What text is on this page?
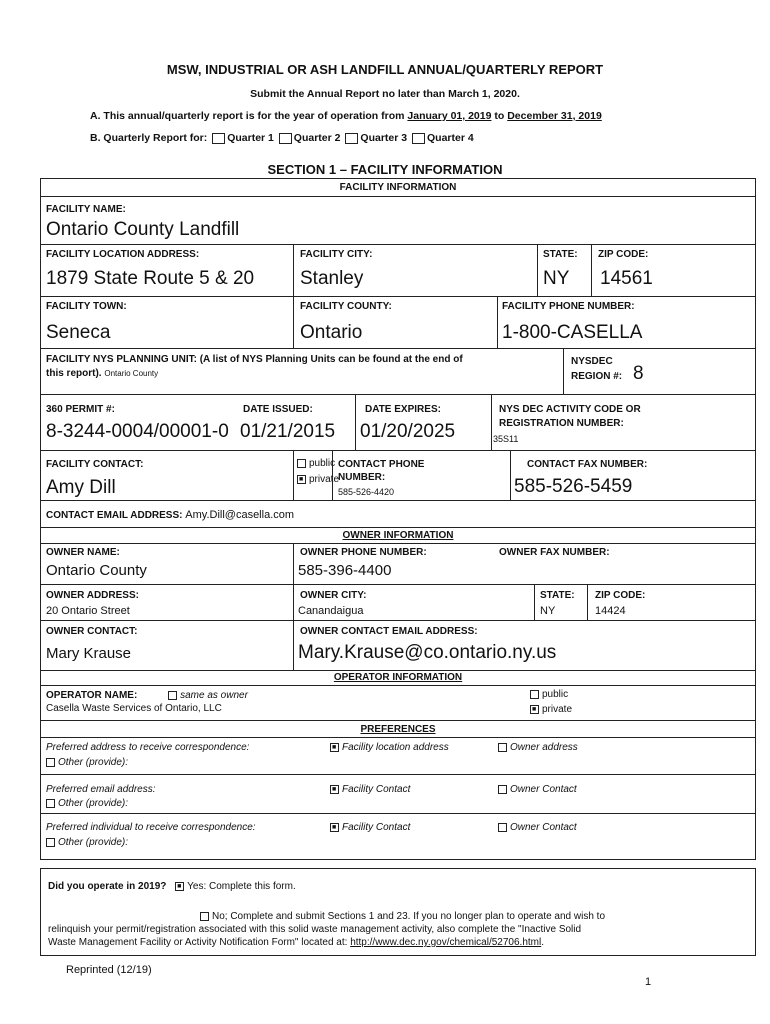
MSW, INDUSTRIAL OR ASH LANDFILL ANNUAL/QUARTERLY REPORT
Submit the Annual Report no later than March 1, 2020.
A. This annual/quarterly report is for the year of operation from January 01, 2019 to December 31, 2019
B. Quarterly Report for: Quarter 1 Quarter 2 Quarter 3 Quarter 4
SECTION 1 – FACILITY INFORMATION
FACILITY INFORMATION
FACILITY NAME:
Ontario County Landfill
FACILITY LOCATION ADDRESS:
1879 State Route 5 & 20
FACILITY CITY:
Stanley
STATE:
NY
ZIP CODE:
14561
FACILITY TOWN:
Seneca
FACILITY COUNTY:
Ontario
FACILITY PHONE NUMBER:
1-800-CASELLA
FACILITY NYS PLANNING UNIT: (A list of NYS Planning Units can be found at the end of
this report). Ontario County
NYSDEC
REGION #: 8
360 PERMIT #:
8-3244-0004/00001-0
DATE ISSUED:
01/21/2015
DATE EXPIRES:
01/20/2025
NYS DEC ACTIVITY CODE OR
REGISTRATION NUMBER:
35S11
FACILITY CONTACT:
Amy Dill
public
■private
CONTACT PHONE
NUMBER:
585-526-4420
CONTACT FAX NUMBER:
585-526-5459
CONTACT EMAIL ADDRESS: Amy.Dill@casella.com
OWNER INFORMATION
OWNER NAME:
Ontario County
OWNER PHONE NUMBER:
585-396-4400
OWNER FAX NUMBER:
OWNER ADDRESS:
20 Ontario Street
OWNER CITY:
Canandaigua
STATE:
NY
ZIP CODE:
14424
OWNER CONTACT:
Mary Krause
OWNER CONTACT EMAIL ADDRESS:
Mary.Krause@co.ontario.ny.us
OPERATOR INFORMATION
OPERATOR NAME:	same as owner
Casella Waste Services of Ontario, LLC
public
■private
PREFERENCES
Preferred address to receive correspondence: ■	Facility location address	Owner address
Other (provide):
Preferred email address: ■	Facility Contact	Owner Contact
Other (provide):
Preferred individual to receive correspondence: ■	Facility Contact	Owner Contact
Other (provide):
Did you operate in 2019? ■ Yes: Complete this form.
No; Complete and submit Sections 1 and 23. If you no longer plan to operate and wish to
relinquish your permit/registration associated with this solid waste management activity, also complete the "Inactive Solid
Waste Management Facility or Activity Notification Form" located at: http://www.dec.ny.gov/chemical/52706.html.
Reprinted (12/19)
1
